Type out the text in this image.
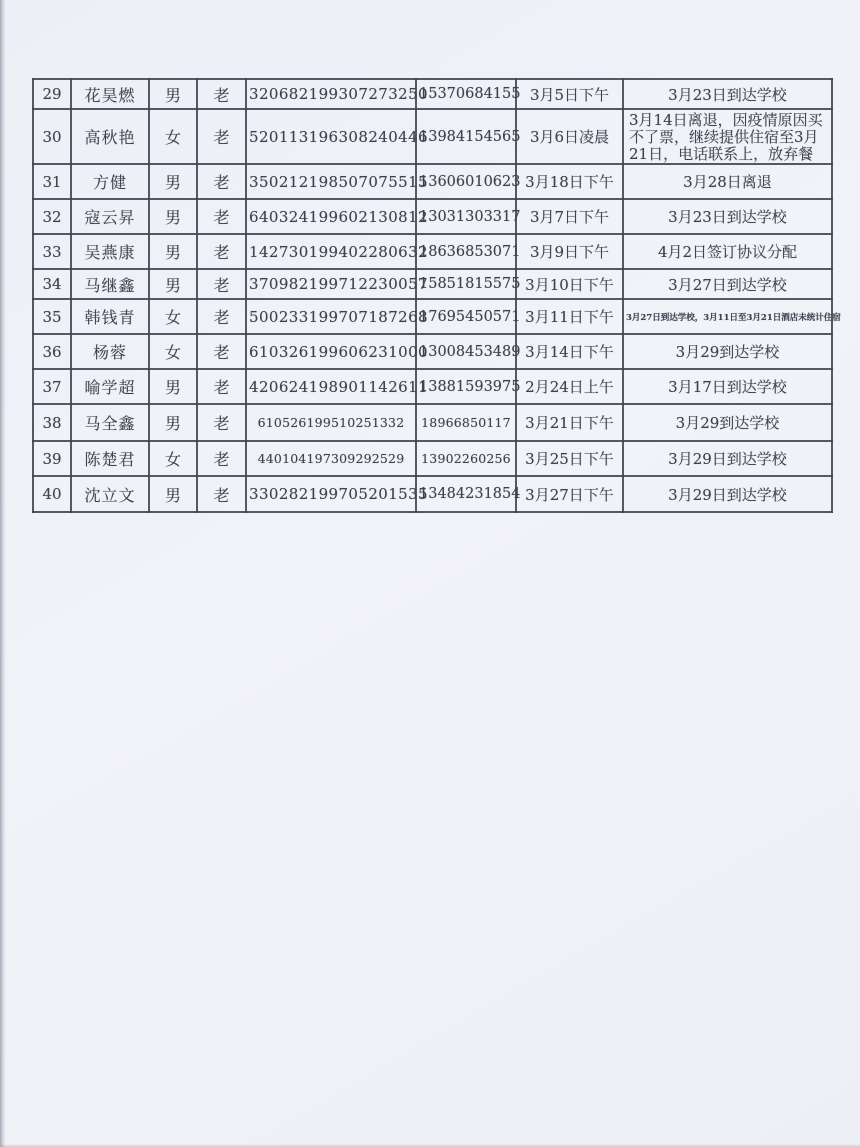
29	花昊燃	男	老	320682199307273250	15370684155	3月5日下午	3月23日到达学校
30	高秋艳	女	老	520113196308240446	13984154565	3月6日凌晨	3月14日离退，因疫情原因买不了票，继续提供住宿至3月21日，电话联系上，放弃餐
31	方健	男	老	350212198507075515	13606010623	3月18日下午	3月28日离退
32	寇云昇	男	老	640324199602130812	13031303317	3月7日下午	3月23日到达学校
33	吴燕康	男	老	142730199402280632	18636853071	3月9日下午	4月2日签订协议分配
34	马继鑫	男	老	370982199712230057	15851815575	3月10日下午	3月27日到达学校
35	韩钱青	女	老	500233199707187268	17695450571	3月11日下午	3月27日到达学校，3月11日至3月21日酒店未统计住宿
36	杨蓉	女	老	610326199606231000	13008453489	3月14日下午	3月29到达学校
37	喻学超	男	老	420624198901142611	13881593975	2月24日上午	3月17日到达学校
38	马全鑫	男	老	610526199510251332	18966850117	3月21日下午	3月29到达学校
39	陈楚君	女	老	440104197309292529	13902260256	3月25日下午	3月29日到达学校
40	沈立文	男	老	330282199705201535	13484231854	3月27日下午	3月29日到达学校
